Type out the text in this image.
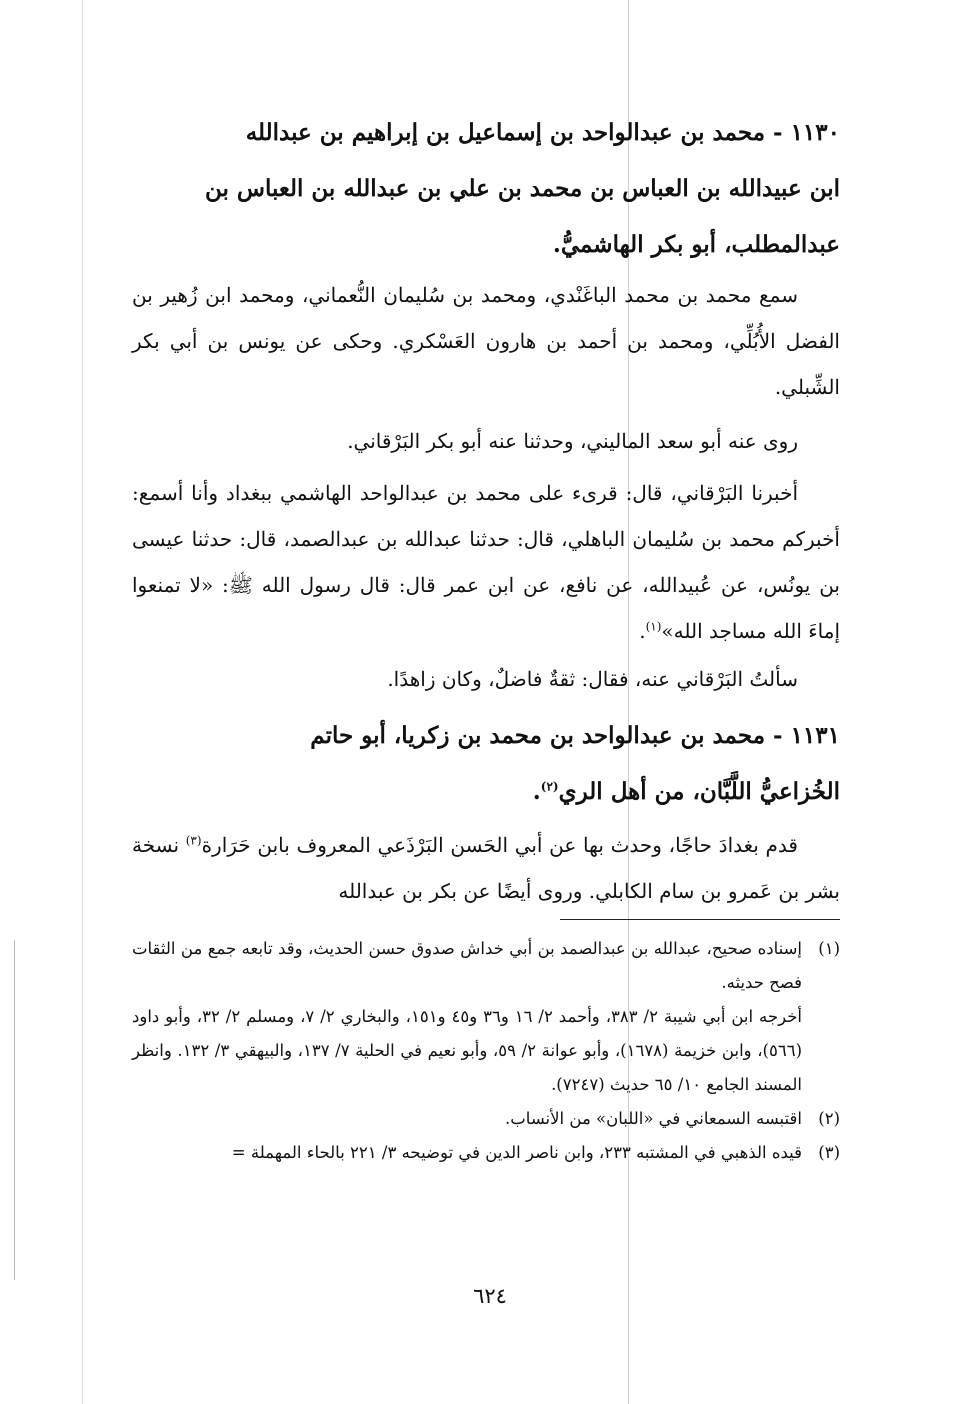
١١٣٠ - محمد بن عبدالواحد بن إسماعيل بن إبراهيم بن عبدالله
ابن عبيدالله بن العباس بن محمد بن علي بن عبدالله بن العباس بن
عبدالمطلب، أبو بكر الهاشميُّ.
سمع محمد بن محمد الباغَنْدي، ومحمد بن سُليمان النُّعماني، ومحمد ابن زُهير بن الفضل الأُبُلِّي، ومحمد بن أحمد بن هارون العَسْكري. وحكى عن يونس بن أبي بكر الشِّبلي.
روى عنه أبو سعد الماليني، وحدثنا عنه أبو بكر البَرْقاني.
أخبرنا البَرْقاني، قال: قرىء على محمد بن عبدالواحد الهاشمي ببغداد وأنا أسمع: أخبركم محمد بن سُليمان الباهلي، قال: حدثنا عبدالله بن عبدالصمد، قال: حدثنا عيسى بن يونُس، عن عُبيدالله، عن نافع، عن ابن عمر قال: قال رسول الله ﷺ: «لا تمنعوا إماءَ الله مساجد الله»$^{(١)}$.
سألتُ البَرْقاني عنه، فقال: ثقةٌ فاضلٌ، وكان زاهدًا.
١١٣١ - محمد بن عبدالواحد بن محمد بن زكريا، أبو حاتم
الخُزاعيُّ اللَّبَّان، من أهل الري$^{(٢)}$.
قدم بغدادَ حاجًا، وحدث بها عن أبي الحَسن البَرْذَعي المعروف بابن حَرَارة$^{(٣)}$ نسخة بشر بن عَمرو بن سام الكابلي. وروى أيضًا عن بكر بن عبدالله
(١)
إسناده صحيح، عبدالله بن عبدالصمد بن أبي خداش صدوق حسن الحديث، وقد تابعه جمع من الثقات فصح حديثه.
أخرجه ابن أبي شيبة ٢/ ٣٨٣، وأحمد ٢/ ١٦ و٣٦ و٤٥ و١٥١، والبخاري ٢/ ٧، ومسلم ٢/ ٣٢، وأبو داود (٥٦٦)، وابن خزيمة (١٦٧٨)، وأبو عوانة ٢/ ٥٩، وأبو نعيم في الحلية ٧/ ١٣٧، والبيهقي ٣/ ١٣٢. وانظر المسند الجامع ١٠/ ٦٥ حديث (٧٢٤٧).
(٢)
اقتبسه السمعاني في «اللبان» من الأنساب.
(٣)
قيده الذهبي في المشتبه ٢٣٣، وابن ناصر الدين في توضيحه ٣/ ٢٢١ بالحاء المهملة =
٦٢٤
